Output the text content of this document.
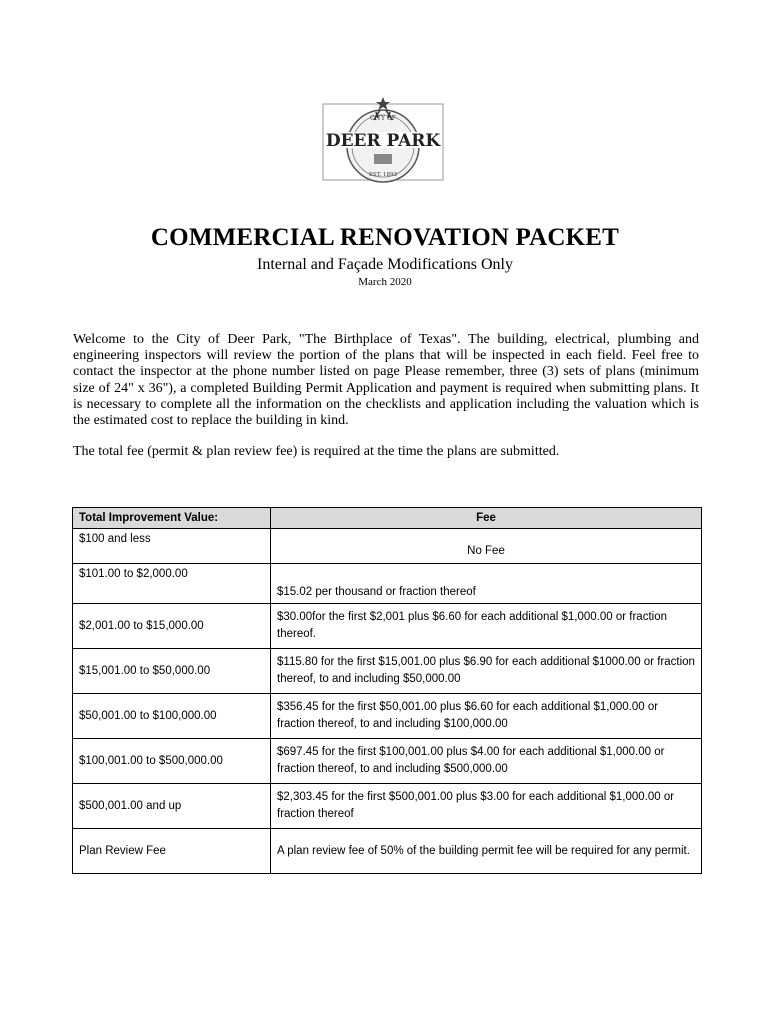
CITY OF
DEER PARK
EST. 1893
COMMERCIAL RENOVATION PACKET
Internal and Façade Modifications Only
March 2020
Welcome to the City of Deer Park, "The Birthplace of Texas". The building, electrical, plumbing and engineering inspectors will review the portion of the plans that will be inspected in each field. Feel free to contact the inspector at the phone number listed on page Please remember, three (3) sets of plans (minimum size of 24" x 36"), a completed Building Permit Application and payment is required when submitting plans. It is necessary to complete all the information on the checklists and application including the valuation which is the estimated cost to replace the building in kind.
The total fee (permit & plan review fee) is required at the time the plans are submitted.
Total Improvement Value:	Fee
$100 and less	No Fee
$101.00 to $2,000.00	$15.02 per thousand or fraction thereof
$2,001.00 to $15,000.00	$30.00for the first $2,001 plus $6.60 for each additional $1,000.00 or fraction thereof.
$15,001.00 to $50,000.00	$115.80 for the first $15,001.00 plus $6.90 for each additional $1000.00 or fraction thereof, to and including $50,000.00
$50,001.00 to $100,000.00	$356.45 for the first $50,001.00 plus $6.60 for each additional $1,000.00 or fraction thereof, to and including $100,000.00
$100,001.00 to $500,000.00	$697.45 for the first $100,001.00 plus $4.00 for each additional $1,000.00 or fraction thereof, to and including $500,000.00
$500,001.00 and up	$2,303.45 for the first $500,001.00 plus $3.00 for each additional $1,000.00 or fraction thereof
Plan Review Fee	A plan review fee of 50% of the building permit fee will be required for any permit.
